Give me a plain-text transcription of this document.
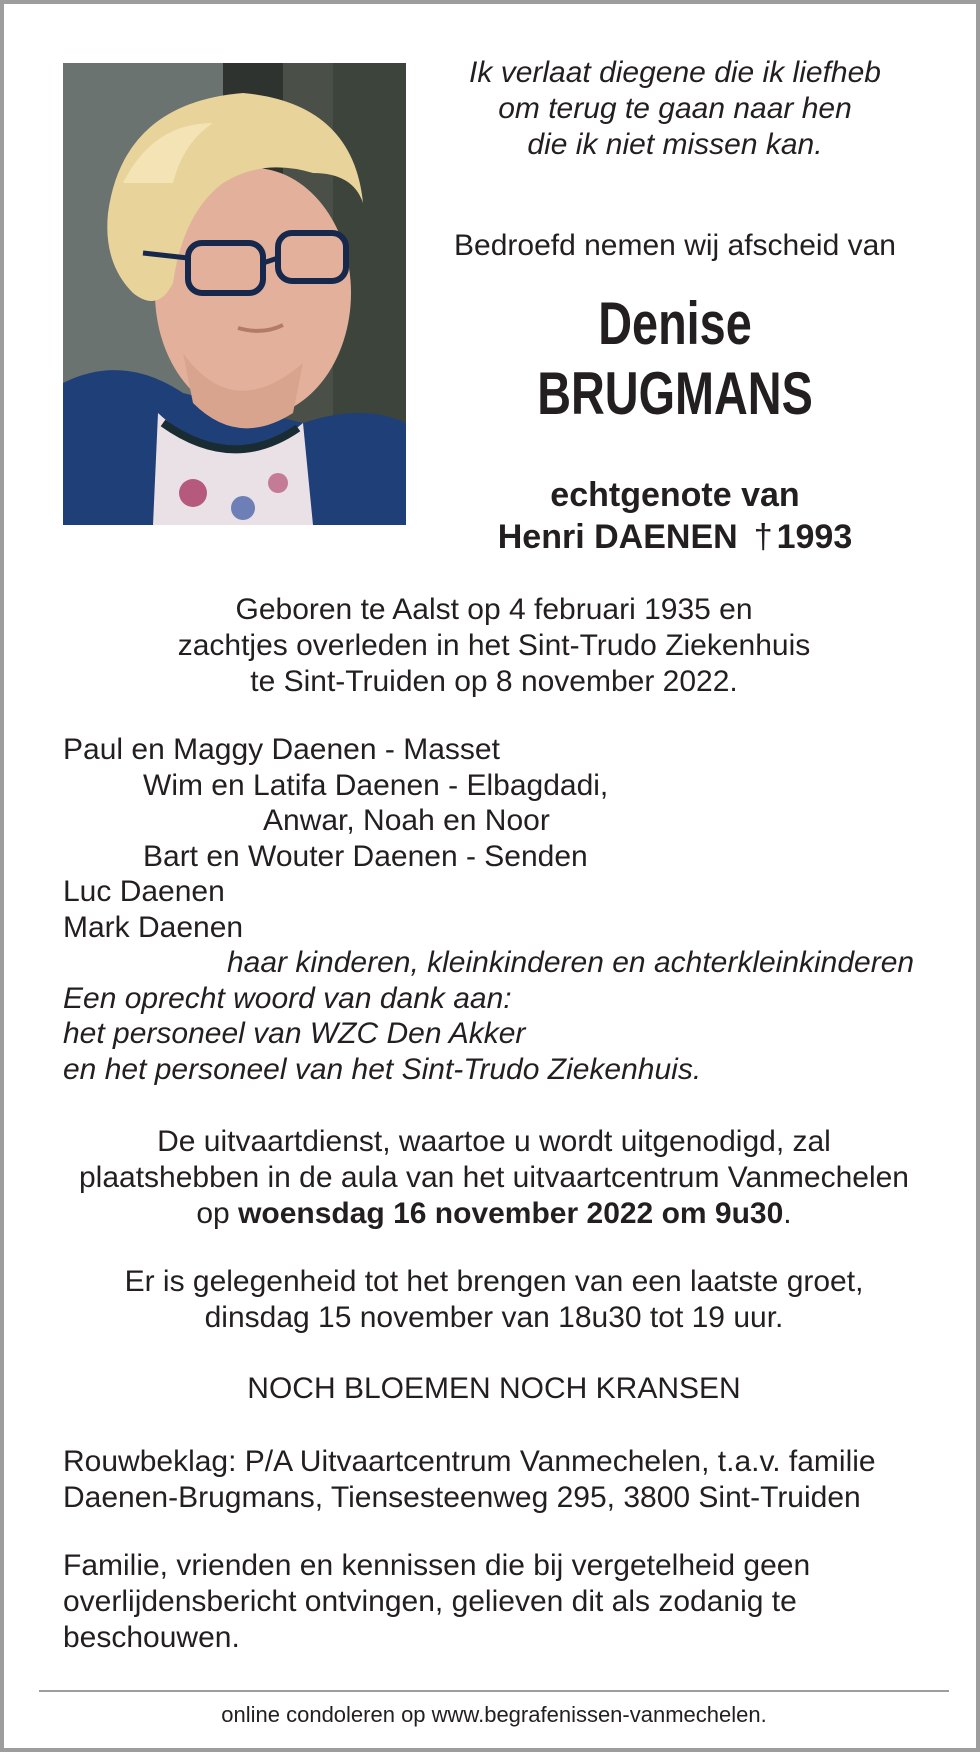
Ik verlaat diegene die ik liefheb
om terug te gaan naar hen
die ik niet missen kan.
Bedroefd nemen wij afscheid van
Denise
BRUGMANS
echtgenote van
Henri DAENEN † 1993
Geboren te Aalst op 4 februari 1935 en
zachtjes overleden in het Sint-Trudo Ziekenhuis
te Sint-Truiden op 8 november 2022.
Paul en Maggy Daenen - Masset
Wim en Latifa Daenen - Elbagdadi,
Anwar, Noah en Noor
Bart en Wouter Daenen - Senden
Luc Daenen
Mark Daenen
haar kinderen, kleinkinderen en achterkleinkinderen
Een oprecht woord van dank aan:
het personeel van WZC Den Akker
en het personeel van het Sint-Trudo Ziekenhuis.
De uitvaartdienst, waartoe u wordt uitgenodigd, zal
plaatshebben in de aula van het uitvaartcentrum Vanmechelen
op woensdag 16 november 2022 om 9u30.
Er is gelegenheid tot het brengen van een laatste groet,
dinsdag 15 november van 18u30 tot 19 uur.
NOCH BLOEMEN NOCH KRANSEN
Rouwbeklag: P/A Uitvaartcentrum Vanmechelen, t.a.v. familie
Daenen-Brugmans, Tiensesteenweg 295, 3800 Sint-Truiden
Familie, vrienden en kennissen die bij vergetelheid geen
overlijdensbericht ontvingen, gelieven dit als zodanig te
beschouwen.
online condoleren op www.begrafenissen-vanmechelen.
